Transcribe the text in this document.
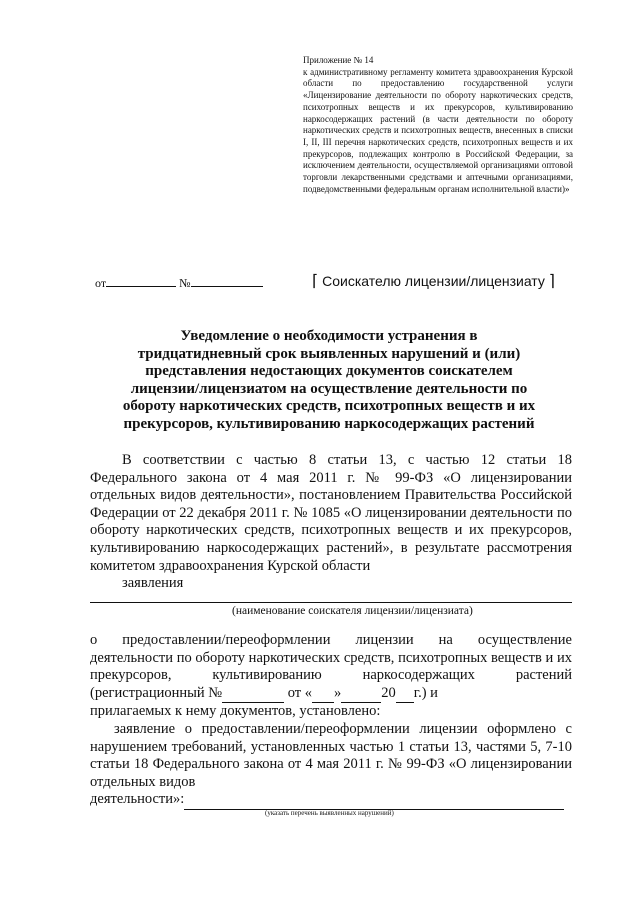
Приложение № 14
к административному регламенту комитета здравоохранения Курской области по предоставлению государственной услуги «Лицензирование деятельности по обороту наркотических средств, психотропных веществ и их прекурсоров, культивированию наркосодержащих растений (в части деятельности по обороту наркотических средств и психотропных веществ, внесенных в списки I, II, III перечня наркотических средств, психотропных веществ и их прекурсоров, подлежащих контролю в Российской Федерации, за исключением деятельности, осуществляемой организациями оптовой торговли лекарственными средствами и аптечными организациями, подведомственными федеральным органам исполнительной власти)»
от	№	⌈ Соискателю лицензии/лицензиату ⌉
Уведомление о необходимости устранения в тридцатидневный срок выявленных нарушений и (или) представления недостающих документов соискателем лицензии/лицензиатом на осуществление деятельности по обороту наркотических средств, психотропных веществ и их прекурсоров, культивированию наркосодержащих растений
В соответствии с частью 8 статьи 13, с частью 12 статьи 18 Федерального закона от 4 мая 2011 г. № 99-ФЗ «О лицензировании отдельных видов деятельности», постановлением Правительства Российской Федерации от 22 декабря 2011 г. № 1085 «О лицензировании деятельности по обороту наркотических средств, психотропных веществ и их прекурсоров, культивированию наркосодержащих растений», в результате рассмотрения комитетом здравоохранения Курской области
заявления
(наименование соискателя лицензии/лицензиата)
о предоставлении/переоформлении лицензии на осуществление деятельности по обороту наркотических средств, психотропных веществ и их прекурсоров, культивированию наркосодержащих растений (регистрационный №	от « »	20 г.) и
прилагаемых к нему документов, установлено:
заявление о предоставлении/переоформлении лицензии оформлено с нарушением требований, установленных частью 1 статьи 13, частями 5, 7-10 статьи 18 Федерального закона от 4 мая 2011 г. № 99-ФЗ «О лицензировании отдельных видов
деятельности»:
(указать перечень выявленных нарушений)
